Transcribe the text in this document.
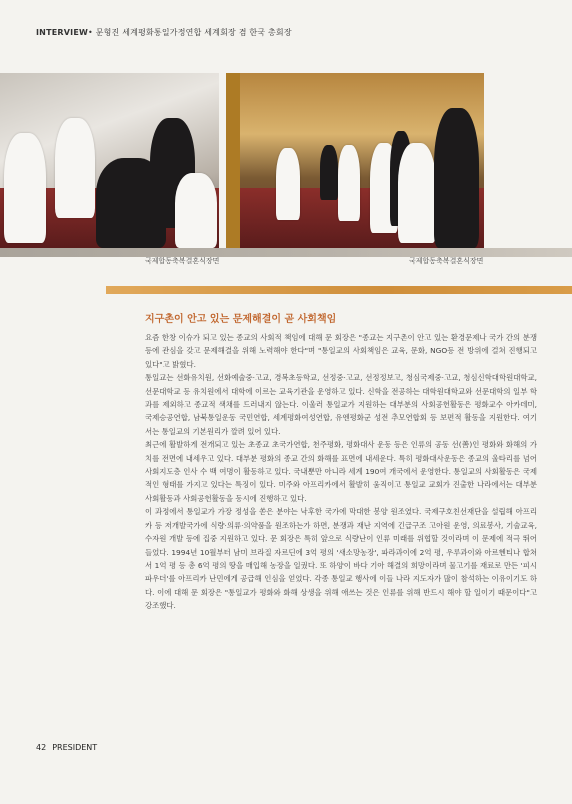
INTERVIEW• 문형진 세계평화통일가정연합 세계회장 겸 한국 총회장
국제합동축복결혼식장면	국제합동축복결혼식장면
지구촌이 안고 있는 문제해결이 곧 사회책임

요즘 한창 이슈가 되고 있는 종교의 사회적 책임에 대해 문 회장은 "종교는 지구촌이 안고 있는 환경문제나 국가 간의 분쟁 등에 관심을 갖고 문제해결을 위해 노력해야 한다"며 "통일교의 사회책임은 교육, 문화, NGO등 전 방위에 걸쳐 진행되고 있다"고 밝혔다.

통일교는 선화유치원, 선화예술중·고교, 경복초등학교, 선정중·고교, 선정정보고, 청심국제중·고교, 청심신학대학원대학교, 선문대학교 등 유치원에서 대학에 이르는 교육기관을 운영하고 있다. 신학을 전공하는 대학원대학교와 선문대학의 일부 학과를 제외하고 종교적 색채를 드러내지 않는다. 이울러 통일교가 지원하는 대부분의 사회공헌활동은 평화교수 아카데미, 국제승공연합, 남북통일운동 국민연합, 세계평화여성연합, 유엔평화군 성전 추모연합회 등 보편적 활동을 지원한다. 여기서는 통일교의 기본원리가 깔려 있어 있다.

최근에 활발하게 전개되고 있는 초종교 초국가연합, 천주평화, 평화대사 운동 등은 인류의 공동 선(善)인 평화와 화해의 가치를 전면에 내세우고 있다. 대부분 평화의 종교 간의 화해를 표면에 내세운다. 특히 평화대사운동은 종교의 울타리를 넘어 사회지도층 인사 수 백 여명이 활동하고 있다. 국내뿐만 아니라 세계 190여 개국에서 운영한다. 통일교의 사회활동은 국제적인 형태를 가지고 있다는 특징이 있다. 미주와 아프리카에서 활발히 움직이고 통일교 교회가 진출한 나라에서는 대부분 사회활동과 사회공헌활동을 동시에 진행하고 있다.

이 과정에서 통일교가 가장 정성을 쏟은 분야는 낙후한 국가에 막대한 봉양 원조였다. 국제구호친선재단을 설립해 아프리카 등 저개발국가에 식량·의류·의약품을 원조하는가 하면, 분쟁과 재난 지역에 긴급구조 고아원 운영, 의료봉사, 기술교육, 수자원 개발 등에 집중 지원하고 있다. 문 회장은 특히 앞으로 식량난이 인류 미래를 위협할 것이라며 이 문제에 적극 뛰어들었다. 1994년 10월부터 남미 브라질 자르딘에 3억 평의 '새소망농장', 파라과이에 2억 평, 우루과이와 아르헨티나 합쳐서 1억 평 등 총 6억 평의 땅을 매입해 농장을 일궜다. 또 하양이 바다 기아 해결의 희망이라며 물고기를 재료로 만든 '피시파우더'를 아프리카 난민에게 공급해 인심을 얻었다. 각종 통일교 행사에 이들 나라 지도자가 많이 참석하는 이유이기도 하다. 이에 대해 문 회장은 "통일교가 평화와 화해 상생을 위해 애쓰는 것은 인류를 위해 반드시 해야 할 일이기 때문이다"고 강조했다.

42 PRESIDENT
